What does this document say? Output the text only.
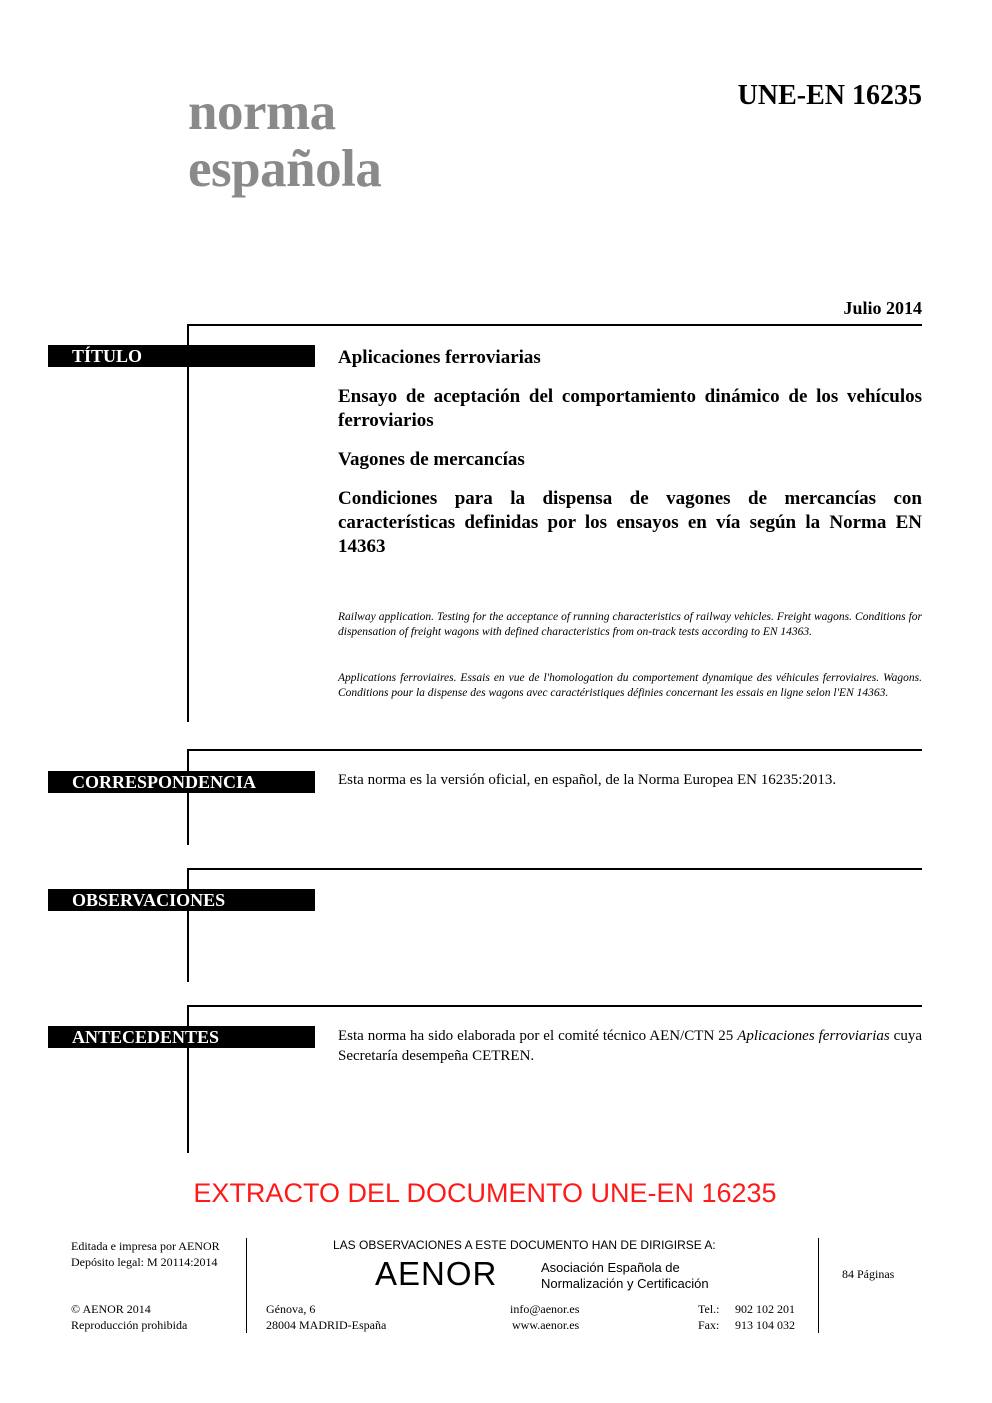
norma
española
UNE-EN 16235
Julio 2014
TÍTULO	Aplicaciones ferroviarias
Ensayo de aceptación del comportamiento dinámico de los vehículos ferroviarios
Vagones de mercancías
Condiciones para la dispensa de vagones de mercancías con características definidas por los ensayos en vía según la Norma EN 14363
Railway application. Testing for the acceptance of running characteristics of railway vehicles. Freight wagons. Conditions for dispensation of freight wagons with defined characteristics from on-track tests according to EN 14363.
Applications ferroviaires. Essais en vue de l'homologation du comportement dynamique des véhicules ferroviaires. Wagons. Conditions pour la dispense des wagons avec caractéristiques définies concernant les essais en ligne selon l'EN 14363.
CORRESPONDENCIA	Esta norma es la versión oficial, en español, de la Norma Europea EN 16235:2013.
OBSERVACIONES
ANTECEDENTES	Esta norma ha sido elaborada por el comité técnico AEN/CTN 25 Aplicaciones ferroviarias cuya Secretaría desempeña CETREN.
EXTRACTO DEL DOCUMENTO UNE-EN 16235
Editada e impresa por AENOR
Depósito legal: M 20114:2014
© AENOR 2014
Reproducción prohibida
LAS OBSERVACIONES A ESTE DOCUMENTO HAN DE DIRIGIRSE A:
AENOR	Asociación Española de
Normalización y Certificación
Génova, 6
28004 MADRID-España
info@aenor.es
www.aenor.es
Tel.: 902 102 201
Fax: 913 104 032
84 Páginas
